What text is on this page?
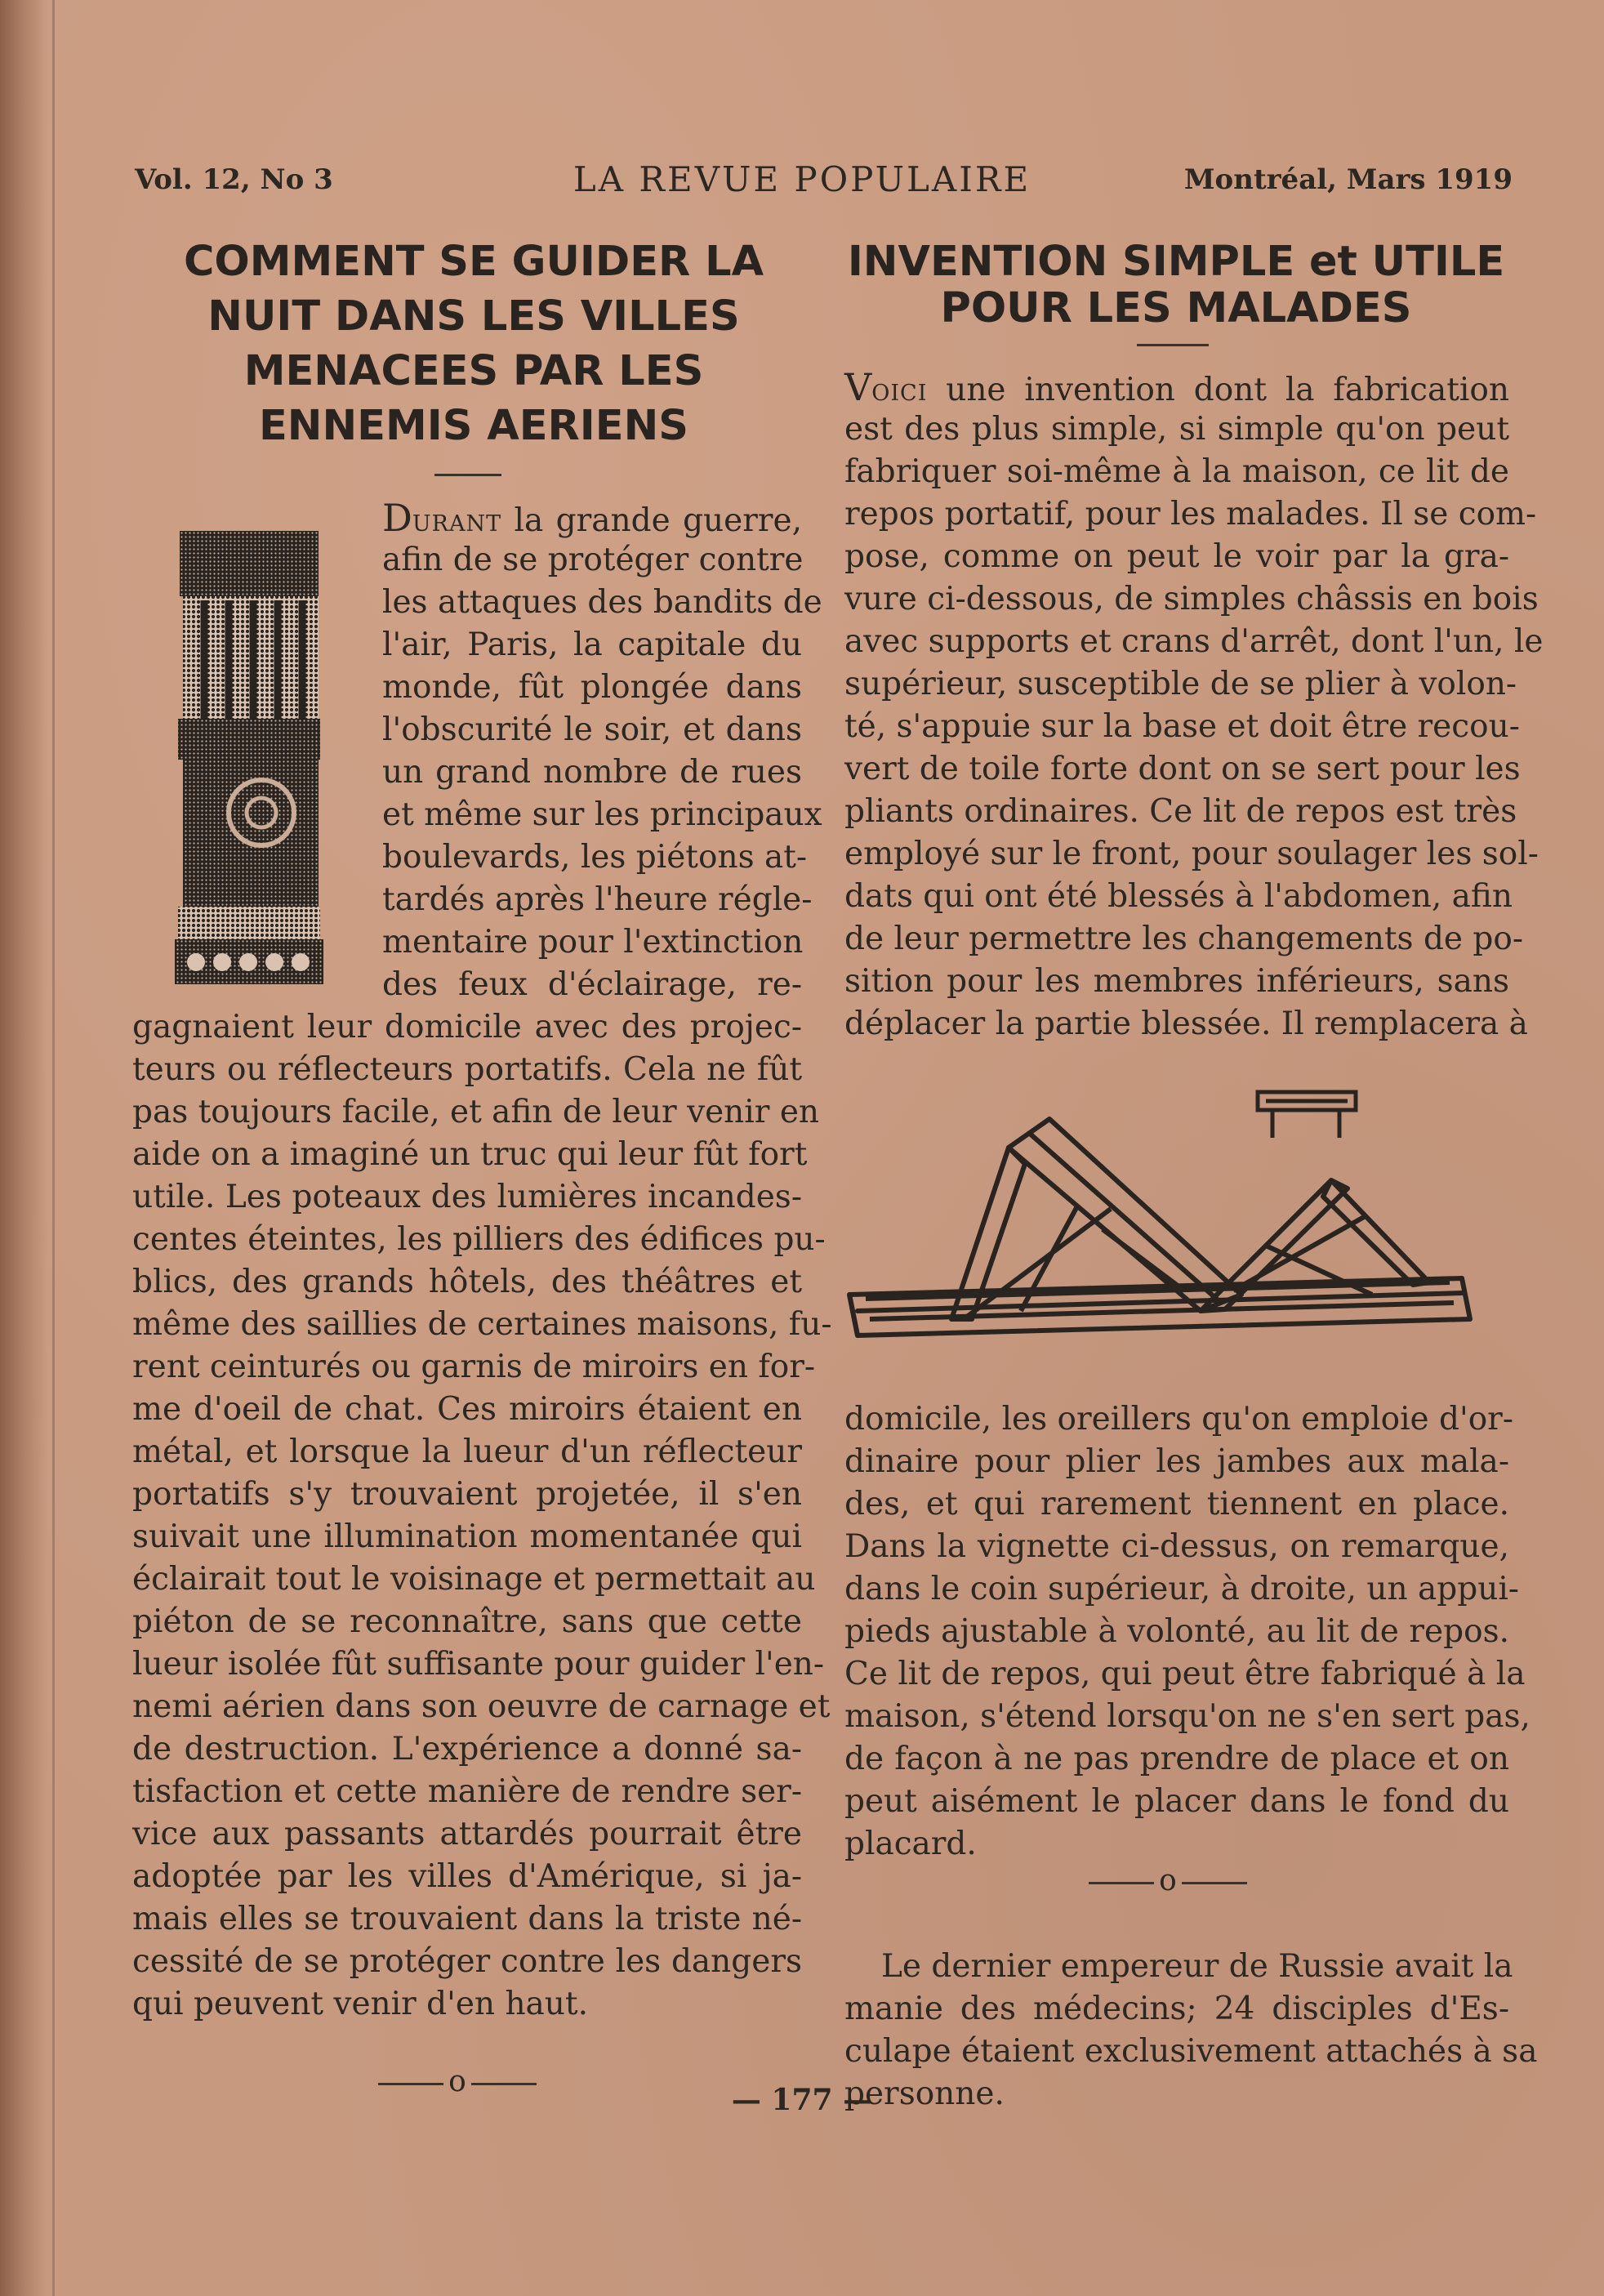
LA REVUE POPULAIRE
Vol. 12, No 3	Montréal, Mars 1919
COMMENT SE GUIDER LA
NUIT DANS LES VILLES
MENACEES PAR LES
ENNEMIS AERIENS
Durant la grande guerre,
afin de se protéger contre
les attaques des bandits de
l'air, Paris, la capitale du
monde, fût plongée dans
l'obscurité le soir, et dans
un grand nombre de rues
et même sur les principaux
boulevards, les piétons at-
tardés après l'heure régle-
mentaire pour l'extinction
des feux d'éclairage, re-
gagnaient leur domicile avec des projec-
teurs ou réflecteurs portatifs. Cela ne fût
pas toujours facile, et afin de leur venir en
aide on a imaginé un truc qui leur fût fort
utile. Les poteaux des lumières incandes-
centes éteintes, les pilliers des édifices pu-
blics, des grands hôtels, des théâtres et
même des saillies de certaines maisons, fu-
rent ceinturés ou garnis de miroirs en for-
me d'oeil de chat. Ces miroirs étaient en
métal, et lorsque la lueur d'un réflecteur
portatifs s'y trouvaient projetée, il s'en
suivait une illumination momentanée qui
éclairait tout le voisinage et permettait au
piéton de se reconnaître, sans que cette
lueur isolée fût suffisante pour guider l'en-
nemi aérien dans son oeuvre de carnage et
de destruction. L'expérience a donné sa-
tisfaction et cette manière de rendre ser-
vice aux passants attardés pourrait être
adoptée par les villes d'Amérique, si ja-
mais elles se trouvaient dans la triste né-
cessité de se protéger contre les dangers
qui peuvent venir d'en haut.
o
INVENTION SIMPLE et UTILE
POUR LES MALADES
Voici une invention dont la fabrication
est des plus simple, si simple qu'on peut
fabriquer soi-même à la maison, ce lit de
repos portatif, pour les malades. Il se com-
pose, comme on peut le voir par la gra-
vure ci-dessous, de simples châssis en bois
avec supports et crans d'arrêt, dont l'un, le
supérieur, susceptible de se plier à volon-
té, s'appuie sur la base et doit être recou-
vert de toile forte dont on se sert pour les
pliants ordinaires. Ce lit de repos est très
employé sur le front, pour soulager les sol-
dats qui ont été blessés à l'abdomen, afin
de leur permettre les changements de po-
sition pour les membres inférieurs, sans
déplacer la partie blessée. Il remplacera à
domicile, les oreillers qu'on emploie d'or-
dinaire pour plier les jambes aux mala-
des, et qui rarement tiennent en place.
Dans la vignette ci-dessus, on remarque,
dans le coin supérieur, à droite, un appui-
pieds ajustable à volonté, au lit de repos.
Ce lit de repos, qui peut être fabriqué à la
maison, s'étend lorsqu'on ne s'en sert pas,
de façon à ne pas prendre de place et on
peut aisément le placer dans le fond du
placard.
o
Le dernier empereur de Russie avait la
manie des médecins; 24 disciples d'Es-
culape étaient exclusivement attachés à sa
personne.
— 177 —
